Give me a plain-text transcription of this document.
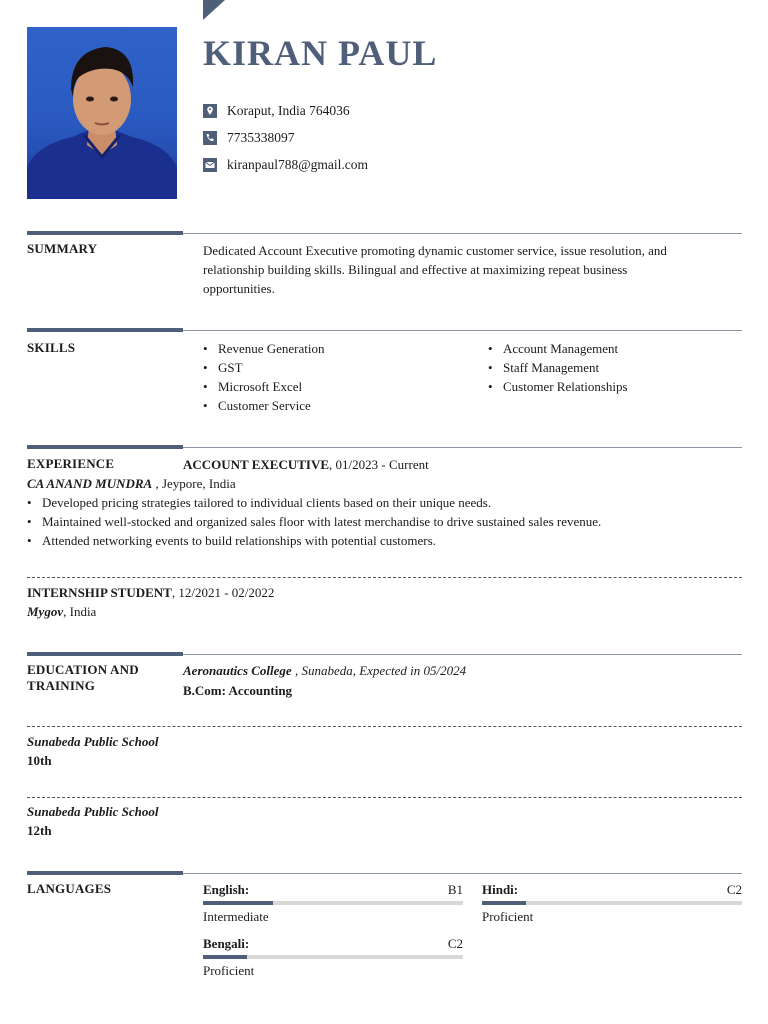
KIRAN PAUL
Koraput, India 764036
7735338097
kiranpaul788@gmail.com
SUMMARY	Dedicated Account Executive promoting dynamic customer service, issue resolution, and
relationship building skills. Bilingual and effective at maximizing repeat business
opportunities.
SKILLS
•	Revenue Generation
• GST
• Microsoft Excel
• Customer Service
• Account Management
• Staff Management
• Customer Relationships
EXPERIENCE	ACCOUNT EXECUTIVE, 01/2023 - Current
CA ANAND MUNDRA , Jeypore, India
• Developed pricing strategies tailored to individual clients based on their unique needs.
• Maintained well-stocked and organized sales floor with latest merchandise to drive sustained sales revenue.
• Attended networking events to build relationships with potential customers.
INTERNSHIP STUDENT, 12/2021 - 02/2022
Mygov, India
EDUCATION AND
TRAINING
Aeronautics College , Sunabeda, Expected in 05/2024
B.Com: Accounting
Sunabeda Public School
10th
Sunabeda Public School
12th
LANGUAGES	English:	B1
Intermediate
Hindi:	C2
Proficient
Bengali:	C2
Proficient
